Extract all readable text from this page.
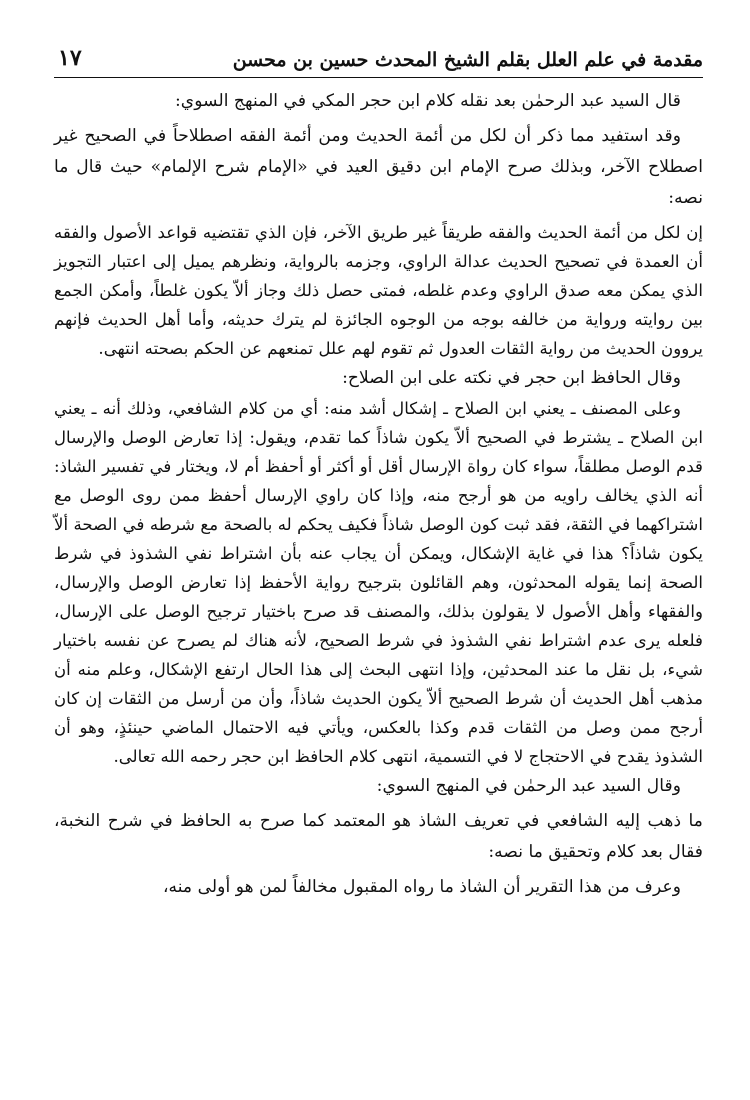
مقدمة في علم العلل بقلم الشيخ المحدث حسين بن محسن
١٧

قال السيد عبد الرحمٰن بعد نقله كلام ابن حجر المكي في المنهج السوي:

وقد استفيد مما ذكر أن لكل من أئمة الحديث ومن أئمة الفقه اصطلاحاً في الصحيح غير اصطلاح الآخر، وبذلك صرح الإمام ابن دقيق العيد في «الإمام شرح الإلمام» حيث قال ما نصه:

إن لكل من أئمة الحديث والفقه طريقاً غير طريق الآخر، فإن الذي تقتضيه قواعد الأصول والفقه أن العمدة في تصحيح الحديث عدالة الراوي، وجزمه بالرواية، ونظرهم يميل إلى اعتبار التجويز الذي يمكن معه صدق الراوي وعدم غلطه، فمتى حصل ذلك وجاز ألاّ يكون غلطاً، وأمكن الجمع بين روايته ورواية من خالفه بوجه من الوجوه الجائزة لم يترك حديثه، وأما أهل الحديث فإنهم يروون الحديث من رواية الثقات العدول ثم تقوم لهم علل تمنعهم عن الحكم بصحته انتهى.

وقال الحافظ ابن حجر في نكته على ابن الصلاح:

وعلى المصنف ـ يعني ابن الصلاح ـ إشكال أشد منه: أي من كلام الشافعي، وذلك أنه ـ يعني ابن الصلاح ـ يشترط في الصحيح ألاّ يكون شاذاً كما تقدم، ويقول: إذا تعارض الوصل والإرسال قدم الوصل مطلقاً، سواء كان رواة الإرسال أقل أو أكثر أو أحفظ أم لا، ويختار في تفسير الشاذ: أنه الذي يخالف راويه من هو أرجح منه، وإذا كان راوي الإرسال أحفظ ممن روى الوصل مع اشتراكهما في الثقة، فقد ثبت كون الوصل شاذاً فكيف يحكم له بالصحة مع شرطه في الصحة ألاّ يكون شاذاً؟ هذا في غاية الإشكال، ويمكن أن يجاب عنه بأن اشتراط نفي الشذوذ في شرط الصحة إنما يقوله المحدثون، وهم القائلون بترجيح رواية الأحفظ إذا تعارض الوصل والإرسال، والفقهاء وأهل الأصول لا يقولون بذلك، والمصنف قد صرح باختيار ترجيح الوصل على الإرسال، فلعله يرى عدم اشتراط نفي الشذوذ في شرط الصحيح، لأنه هناك لم يصرح عن نفسه باختيار شيء، بل نقل ما عند المحدثين، وإذا انتهى البحث إلى هذا الحال ارتفع الإشكال، وعلم منه أن مذهب أهل الحديث أن شرط الصحيح ألاّ يكون الحديث شاذاً، وأن من أرسل من الثقات إن كان أرجح ممن وصل من الثقات قدم وكذا بالعكس، ويأتي فيه الاحتمال الماضي حينئذٍ، وهو أن الشذوذ يقدح في الاحتجاج لا في التسمية، انتهى كلام الحافظ ابن حجر رحمه الله تعالى.

وقال السيد عبد الرحمٰن في المنهج السوي:

ما ذهب إليه الشافعي في تعريف الشاذ هو المعتمد كما صرح به الحافظ في شرح النخبة، فقال بعد كلام وتحقيق ما نصه:

وعرف من هذا التقرير أن الشاذ ما رواه المقبول مخالفاً لمن هو أولى منه،
